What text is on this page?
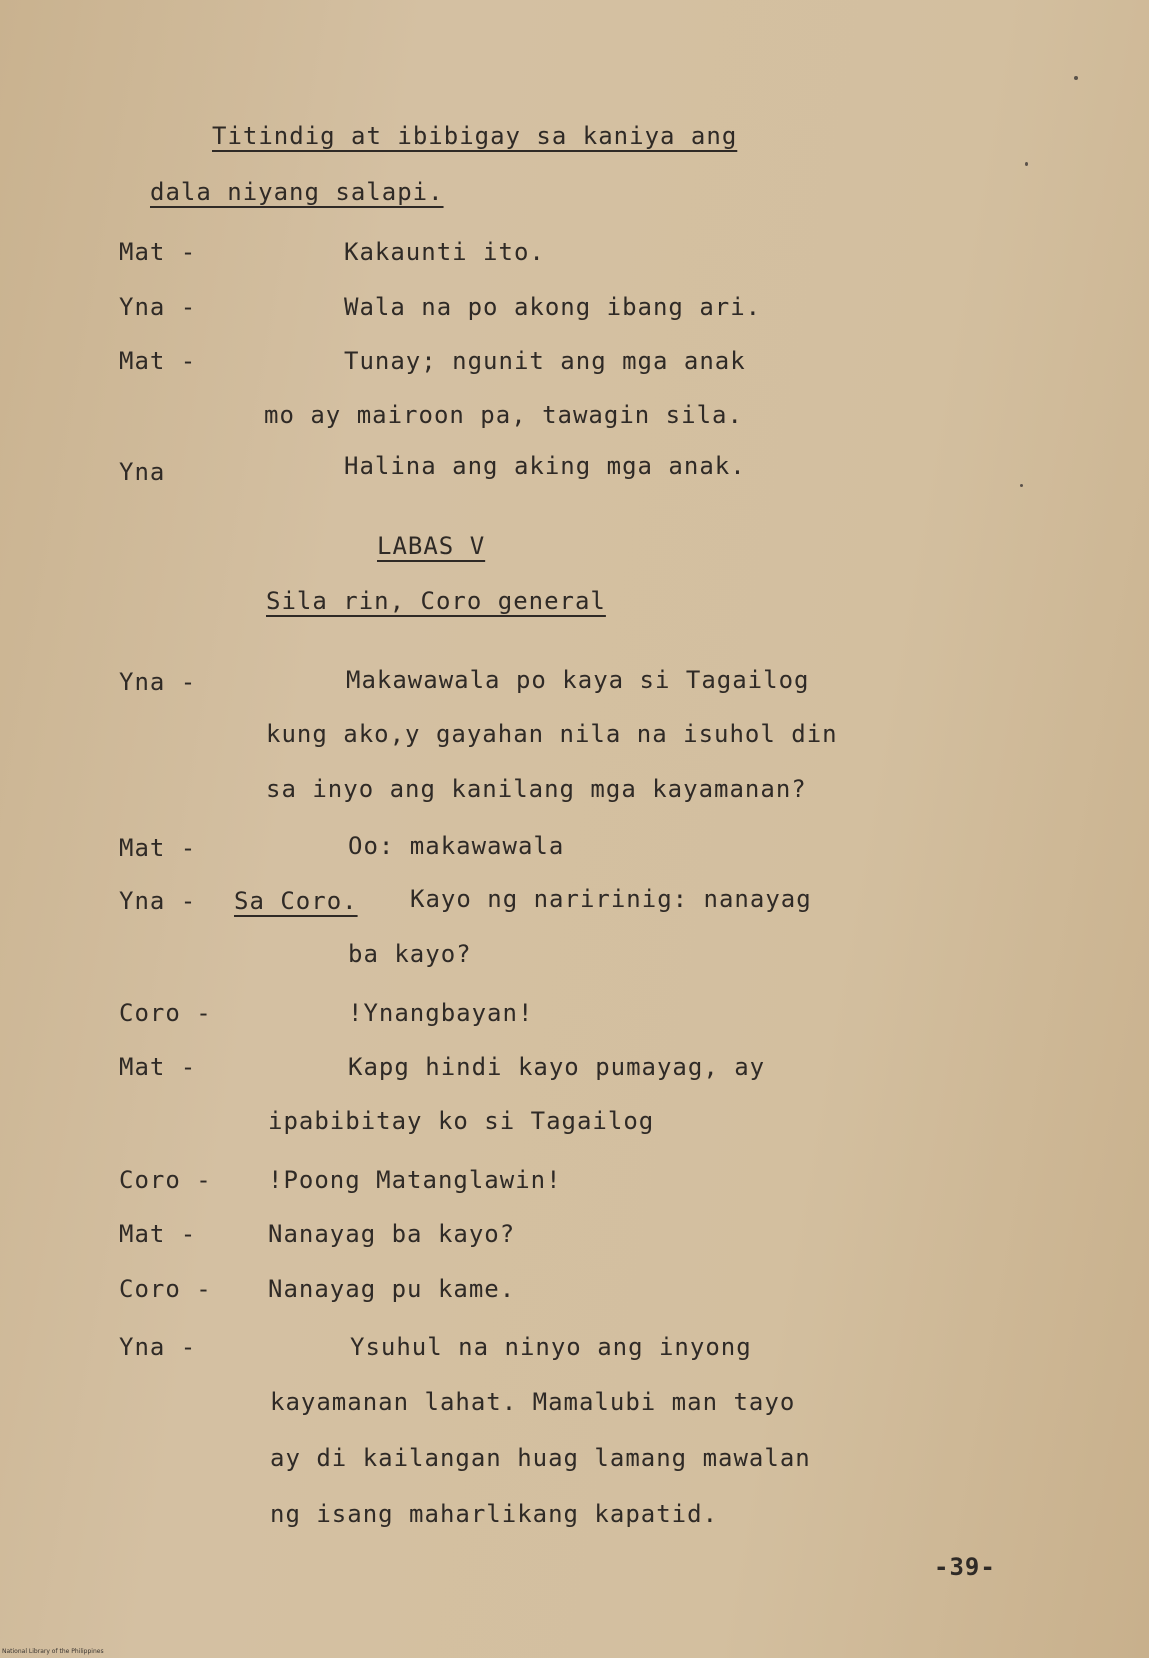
Titindig at ibibigay sa kaniya ang
dala niyang salapi.
Mat -	Kakaunti ito.
Yna -	Wala na po akong ibang ari.
Mat -	Tunay; ngunit ang mga anak
mo ay mairoon pa, tawagin sila.
Yna	Halina ang aking mga anak.
LABAS V
Sila rin, Coro general
Yna -	Makawawala po kaya si Tagailog
kung ako,y gayahan nila na isuhol din
sa inyo ang kanilang mga kayamanan?
Mat -	Oo: makawawala
Yna - Sa Coro. Kayo ng naririnig: nanayag
ba kayo?
Coro -	!Ynangbayan!
Mat -	Kapg hindi kayo pumayag, ay
ipabibitay ko si Tagailog
Coro - !Poong Matanglawin!
Mat -	Nanayag ba kayo?
Coro - Nanayag pu kame.
Yna -	Ysuhul na ninyo ang inyong
kayamanan lahat. Mamalubi man tayo
ay di kailangan huag lamang mawalan
ng isang maharlikang kapatid.
-39-
National Library of the Philippines
